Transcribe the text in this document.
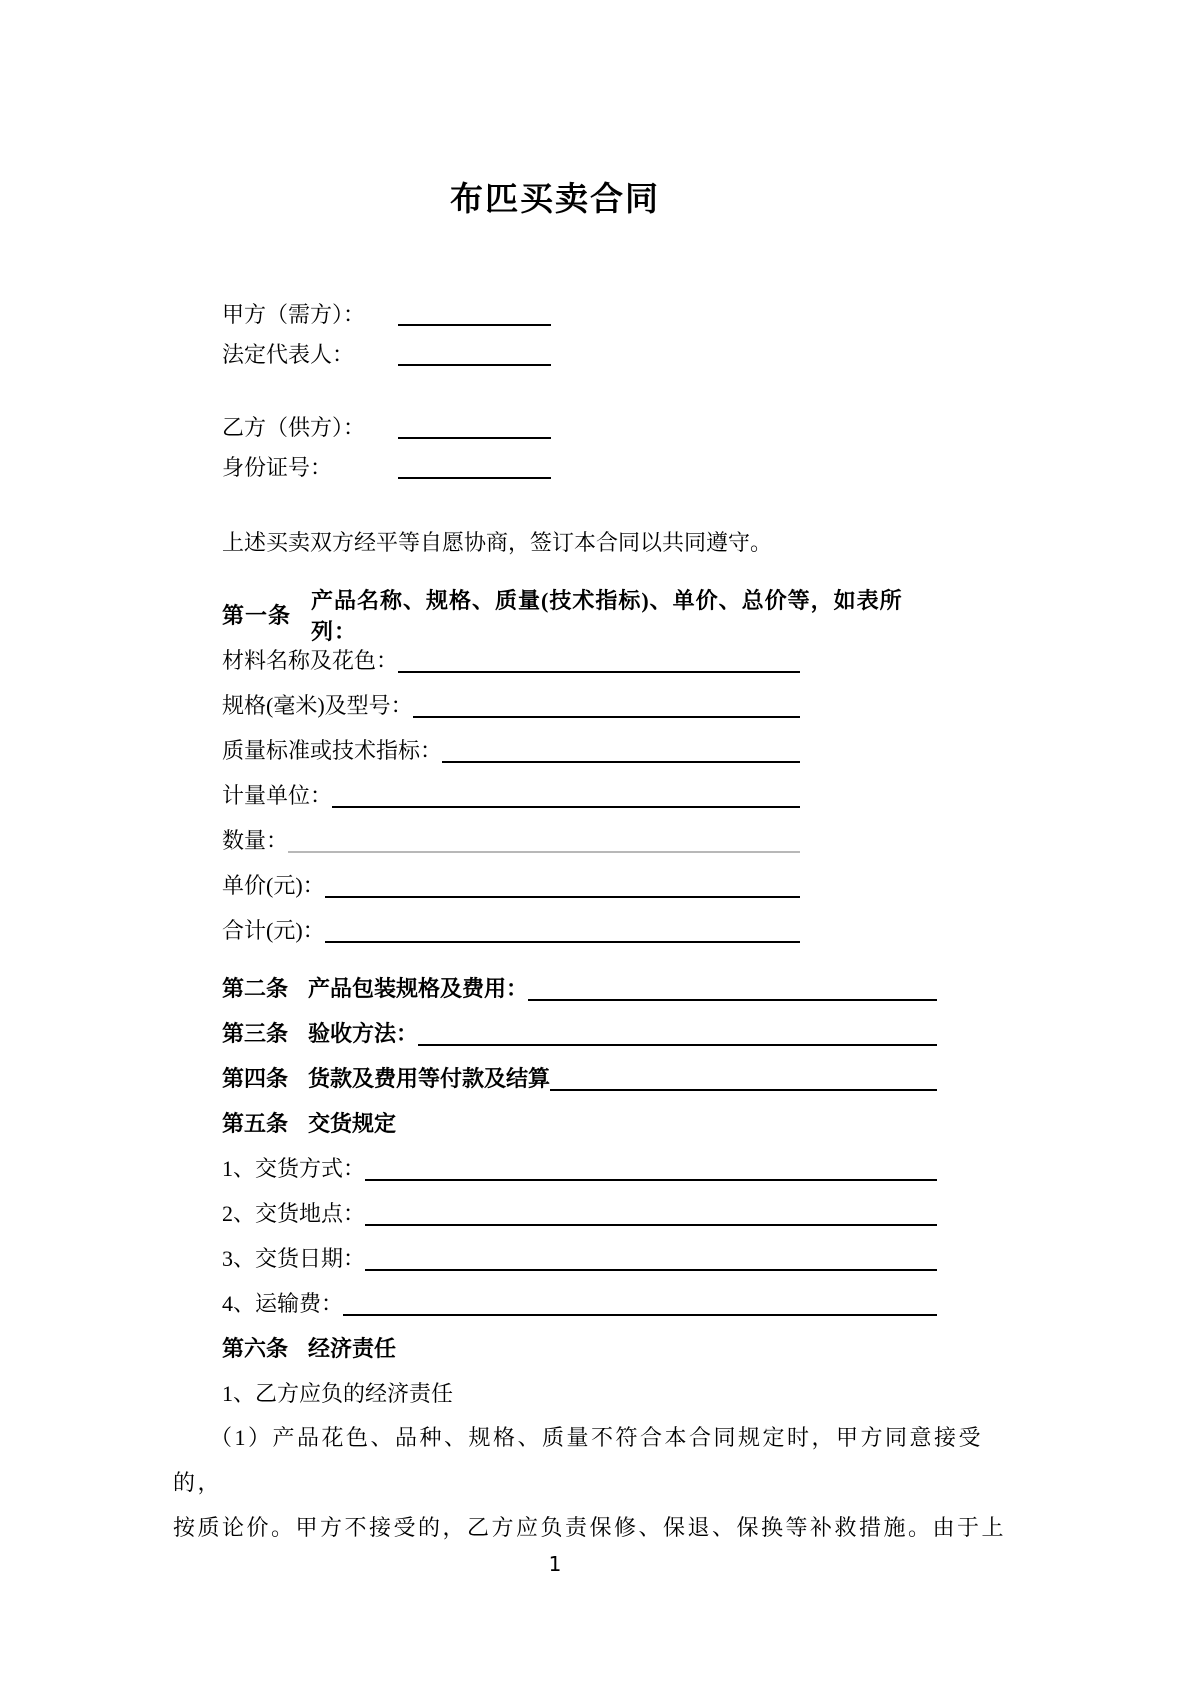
布匹买卖合同
甲方（需方）：
法定代表人：
乙方（供方）：
身份证号：
上述买卖双方经平等自愿协商，签订本合同以共同遵守。
第一条
产品名称、规格、质量(技术指标)、单价、总价等，如表所列：
材料名称及花色：
规格(毫米)及型号：
质量标准或技术指标：
计量单位：
数量：
单价(元)：
合计(元)：
第二条 产品包装规格及费用：
第三条 验收方法：
第四条 货款及费用等付款及结算
第五条 交货规定
1、交货方式：
2、交货地点：
3、交货日期：
4、运输费：
第六条 经济责任
1、乙方应负的经济责任
（1）产品花色、品种、规格、质量不符合本合同规定时，甲方同意接受的，
按质论价。甲方不接受的，乙方应负责保修、保退、保换等补救措施。由于上
1
